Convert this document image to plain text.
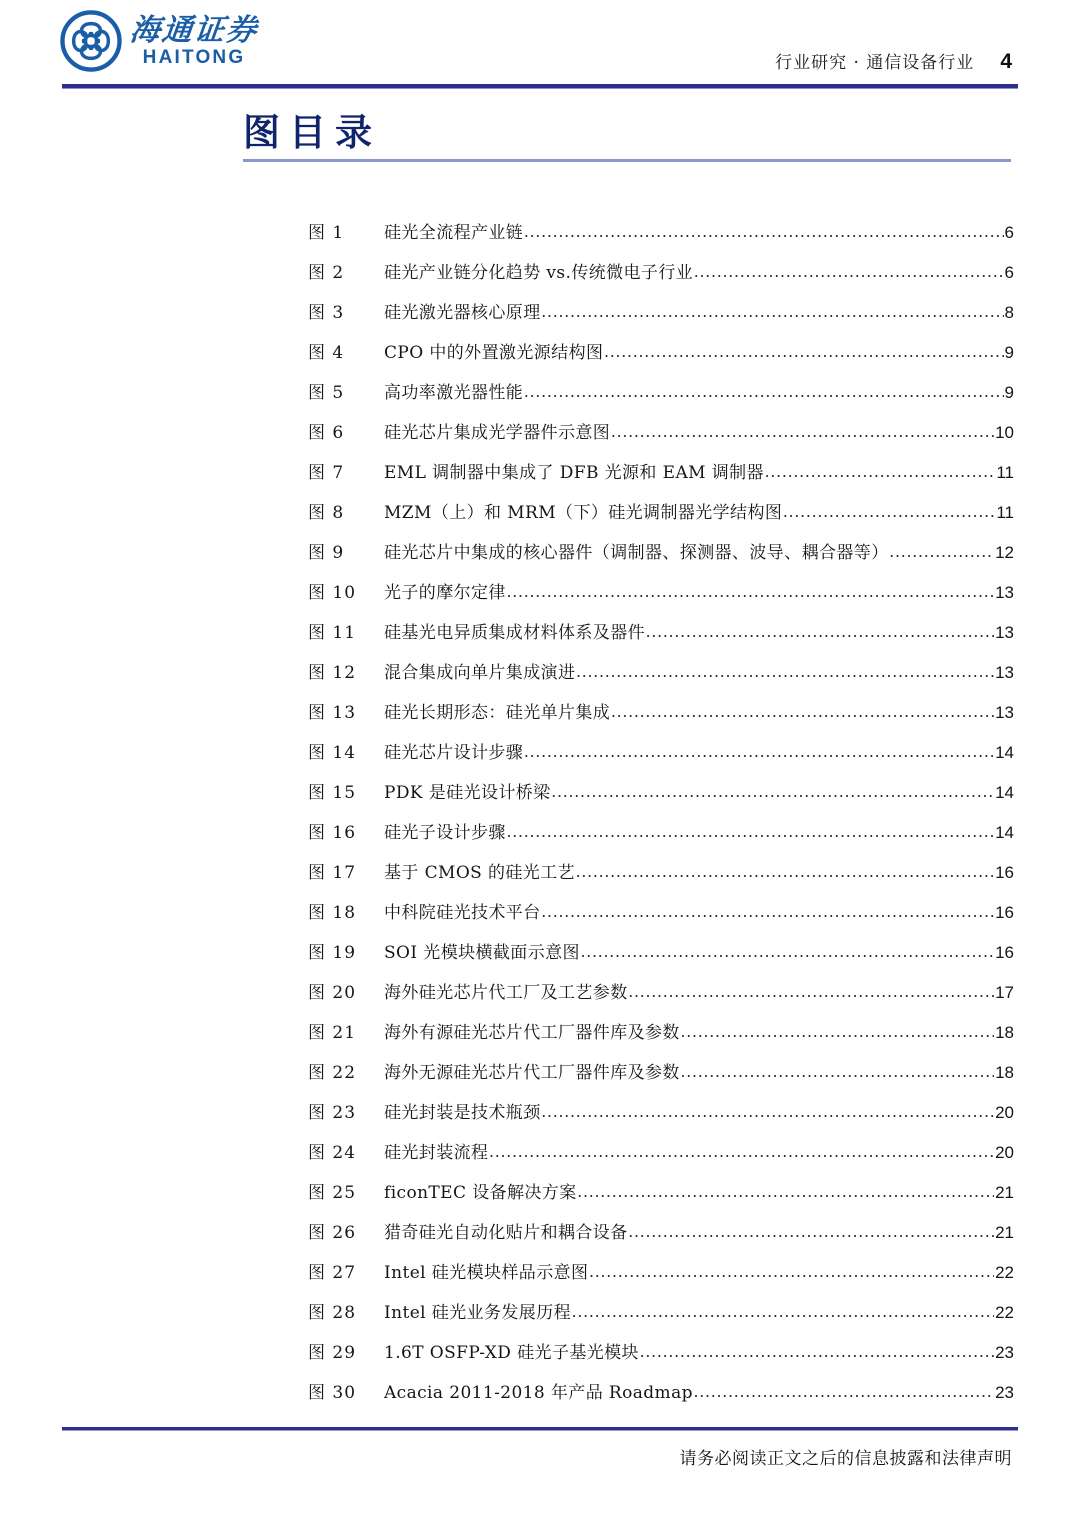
海通证券
HAITONG	行业研究 · 通信设备行业 4
图目录
图 1	硅光全流程产业链 .....	6
图 2	硅光产业链分化趋势 vs.传统微电子行业 .....	6
图 3	硅光激光器核心原理 .....	8
图 4	CPO 中的外置激光源结构图 .....	9
图 5	高功率激光器性能 .....	9
图 6	硅光芯片集成光学器件示意图 .....	10
图 7	EML 调制器中集成了 DFB 光源和 EAM 调制器 .....	11
图 8	MZM（上）和 MRM（下）硅光调制器光学结构图 .....	11
图 9	硅光芯片中集成的核心器件（调制器、探测器、波导、耦合器等） .....	12
图 10	光子的摩尔定律 .....	13
图 11	硅基光电异质集成材料体系及器件 .....	13
图 12	混合集成向单片集成演进 .....	13
图 13	硅光长期形态：硅光单片集成 .....	13
图 14	硅光芯片设计步骤 .....	14
图 15	PDK 是硅光设计桥梁 .....	14
图 16	硅光子设计步骤 .....	14
图 17	基于 CMOS 的硅光工艺 .....	16
图 18	中科院硅光技术平台 .....	16
图 19	SOI 光模块横截面示意图 .....	16
图 20	海外硅光芯片代工厂及工艺参数 .....	17
图 21	海外有源硅光芯片代工厂器件库及参数 .....	18
图 22	海外无源硅光芯片代工厂器件库及参数 .....	18
图 23	硅光封装是技术瓶颈 .....	20
图 24	硅光封装流程 .....	20
图 25	ficonTEC 设备解决方案 .....	21
图 26	猎奇硅光自动化贴片和耦合设备 .....	21
图 27	Intel 硅光模块样品示意图 .....	22
图 28	Intel 硅光业务发展历程 .....	22
图 29	1.6T OSFP-XD 硅光子基光模块 .....	23
图 30	Acacia 2011-2018 年产品 Roadmap .....	23
请务必阅读正文之后的信息披露和法律声明
